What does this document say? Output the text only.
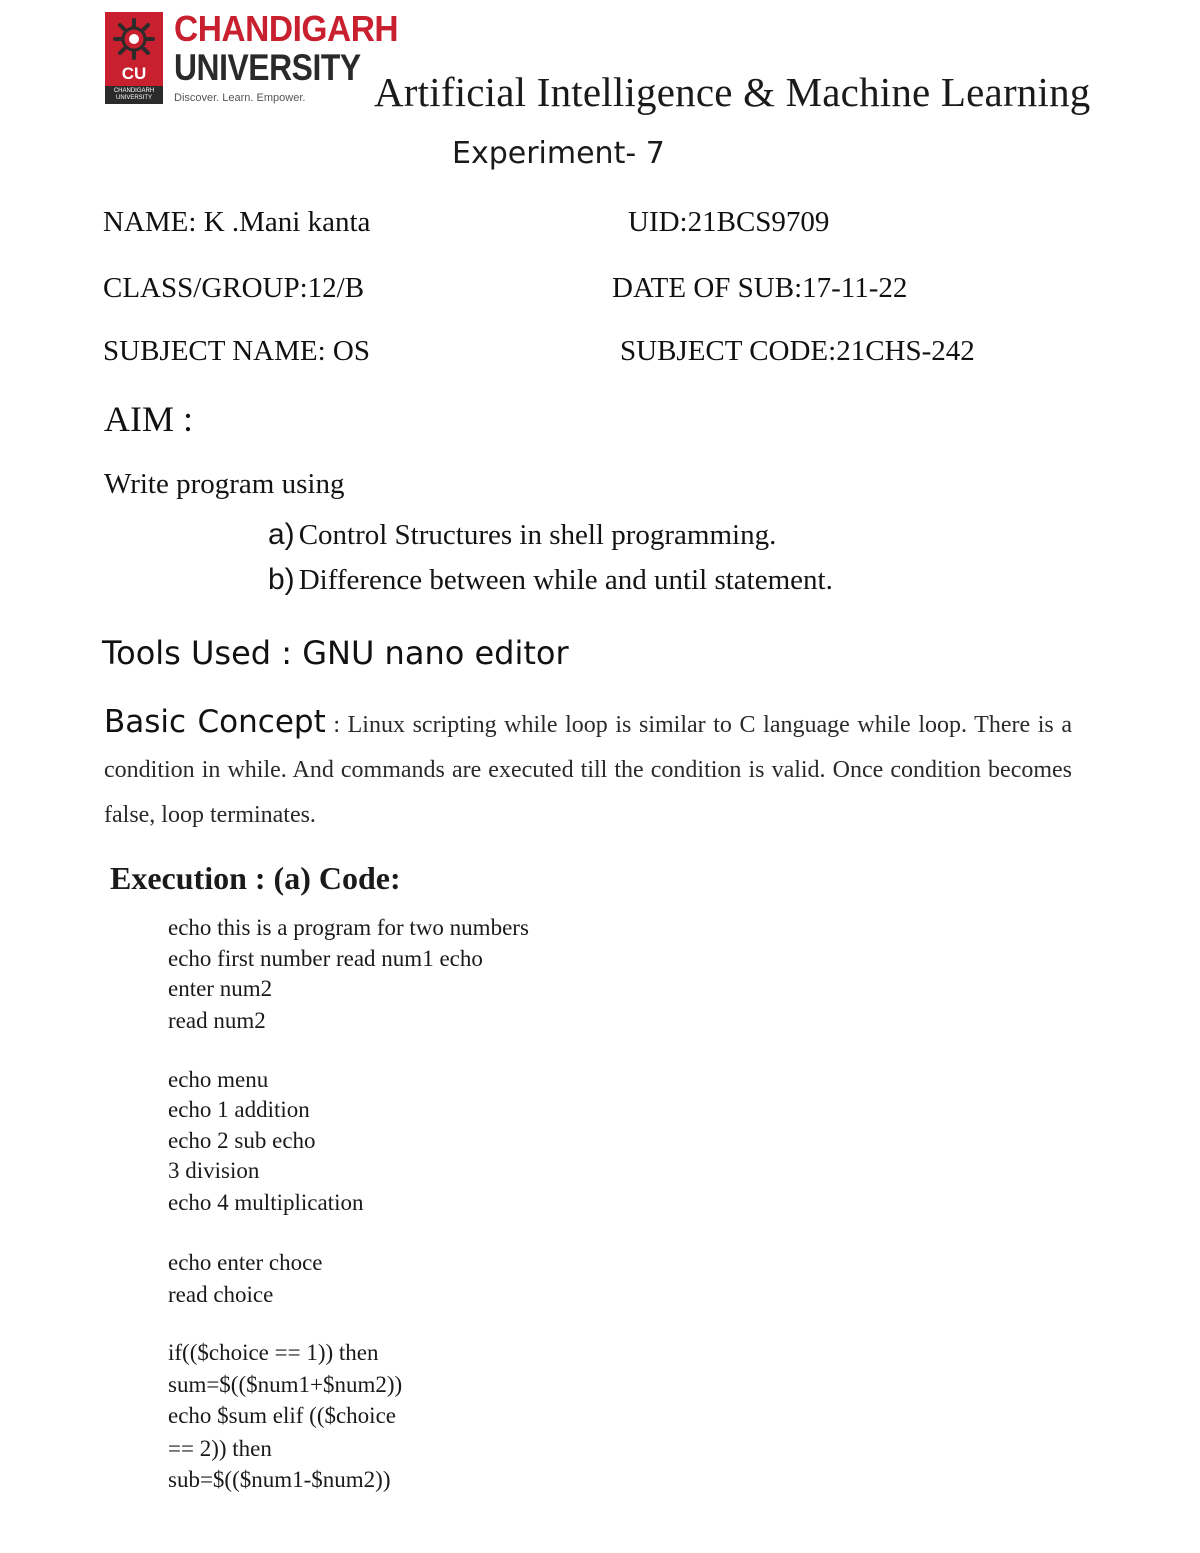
CU
CHANDIGARH
UNIVERSITY
CHANDIGARH
UNIVERSITY
Discover. Learn. Empower. Artificial Intelligence & Machine Learning
Experiment- 7
NAME: K .Mani kanta	UID:21BCS9709
CLASS/GROUP:12/B	DATE OF SUB:17-11-22
SUBJECT NAME: OS	SUBJECT CODE:21CHS-242
AIM :
Write program using
a) Control Structures in shell programming.
b) Difference between while and until statement.
Tools Used : GNU nano editor
Basic Concept : Linux scripting while loop is similar to C language while loop. There is a condition in while. And commands are executed till the condition is valid. Once condition becomes false, loop terminates.
Execution : (a) Code:
echo this is a program for two numbers
echo first number read num1 echo
enter num2
read num2
echo menu
echo 1 addition
echo 2 sub echo
3 division
echo 4 multiplication
echo enter choce
read choice
if(($choice == 1)) then
sum=$(($num1+$num2))
echo $sum elif (($choice
== 2)) then
sub=$(($num1-$num2))
